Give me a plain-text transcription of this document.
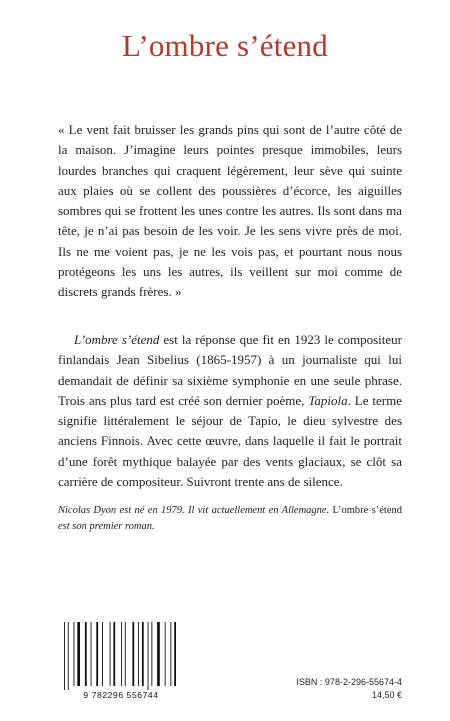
L’ombre s’étend

« Le vent fait bruisser les grands pins qui sont de l’autre côté de la maison. J’imagine leurs pointes presque immobiles, leurs lourdes branches qui craquent légèrement, leur sève qui suinte aux plaies où se collent des poussières d’écorce, les aiguilles sombres qui se frottent les unes contre les autres. Ils sont dans ma tête, je n’ai pas besoin de les voir. Je les sens vivre près de moi. Ils ne me voient pas, je ne les vois pas, et pourtant nous nous protégeons les uns les autres, ils veillent sur moi comme de discrets grands frères. »

L’ombre s’étend est la réponse que fit en 1923 le compositeur finlandais Jean Sibelius (1865-1957) à un journaliste qui lui demandait de définir sa sixième symphonie en une seule phrase. Trois ans plus tard est créé son dernier poème, Tapiola. Le terme signifie littéralement le séjour de Tapio, le dieu sylvestre des anciens Finnois. Avec cette œuvre, dans laquelle il fait le portrait d’une forêt mythique balayée par des vents glaciaux, se clôt sa carrière de compositeur. Suivront trente ans de silence.

Nicolas Dyon est né en 1979. Il vit actuellement en Allemagne. L’ombre s’étend est son premier roman.

9 782296 556744
ISBN : 978-2-296-55674-4
14,50 €
